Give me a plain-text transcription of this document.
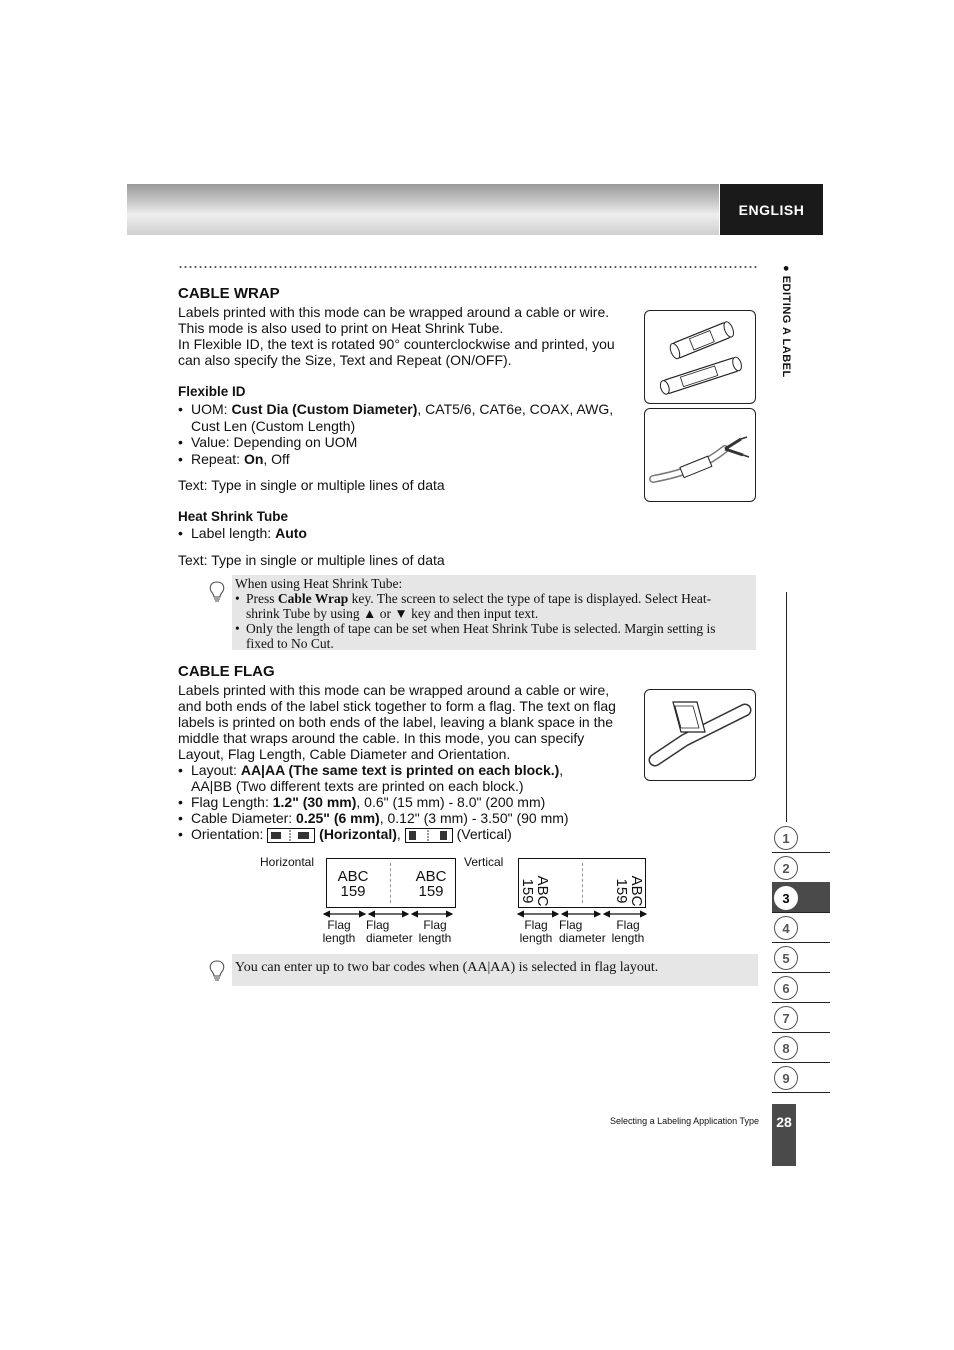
ENGLISH
● EDITING A LABEL
CABLE WRAP
Labels printed with this mode can be wrapped around a cable or wire.
This mode is also used to print on Heat Shrink Tube.
In Flexible ID, the text is rotated 90° counterclockwise and printed, you
can also specify the Size, Text and Repeat (ON/OFF).
Flexible ID
• UOM: Cust Dia (Custom Diameter), CAT5/6, CAT6e, COAX, AWG,
Cust Len (Custom Length)
• Value: Depending on UOM
• Repeat: On, Off
Text: Type in single or multiple lines of data
Heat Shrink Tube
• Label length: Auto
Text: Type in single or multiple lines of data
When using Heat Shrink Tube:
• Press Cable Wrap key. The screen to select the type of tape is displayed. Select Heat-
shrink Tube by using ▲ or ▼ key and then input text.
• Only the length of tape can be set when Heat Shrink Tube is selected. Margin setting is
fixed to No Cut.
CABLE FLAG
Labels printed with this mode can be wrapped around a cable or wire,
and both ends of the label stick together to form a flag. The text on flag
labels is printed on both ends of the label, leaving a blank space in the
middle that wraps around the cable. In this mode, you can specify
Layout, Flag Length, Cable Diameter and Orientation.
• Layout: AA|AA (The same text is printed on each block.),
AA|BB (Two different texts are printed on each block.)
• Flag Length: 1.2" (30 mm), 0.6" (15 mm) - 8.0" (200 mm)
• Cable Diameter: 0.25" (6 mm), 0.12" (3 mm) - 3.50" (90 mm)
• Orientation:	(Horizontal),	(Vertical)
Horizontal	Vertical
ABC
159
ABC
159	ABC
159	ABC
159
Flag
length
Flag
diameter
Flag
length
Flag
length
Flag
diameter
Flag
length
You can enter up to two bar codes when (AA|AA) is selected in flag layout.
1
2
3
4
5
6
7
8
9
Selecting a Labeling Application Type	28
